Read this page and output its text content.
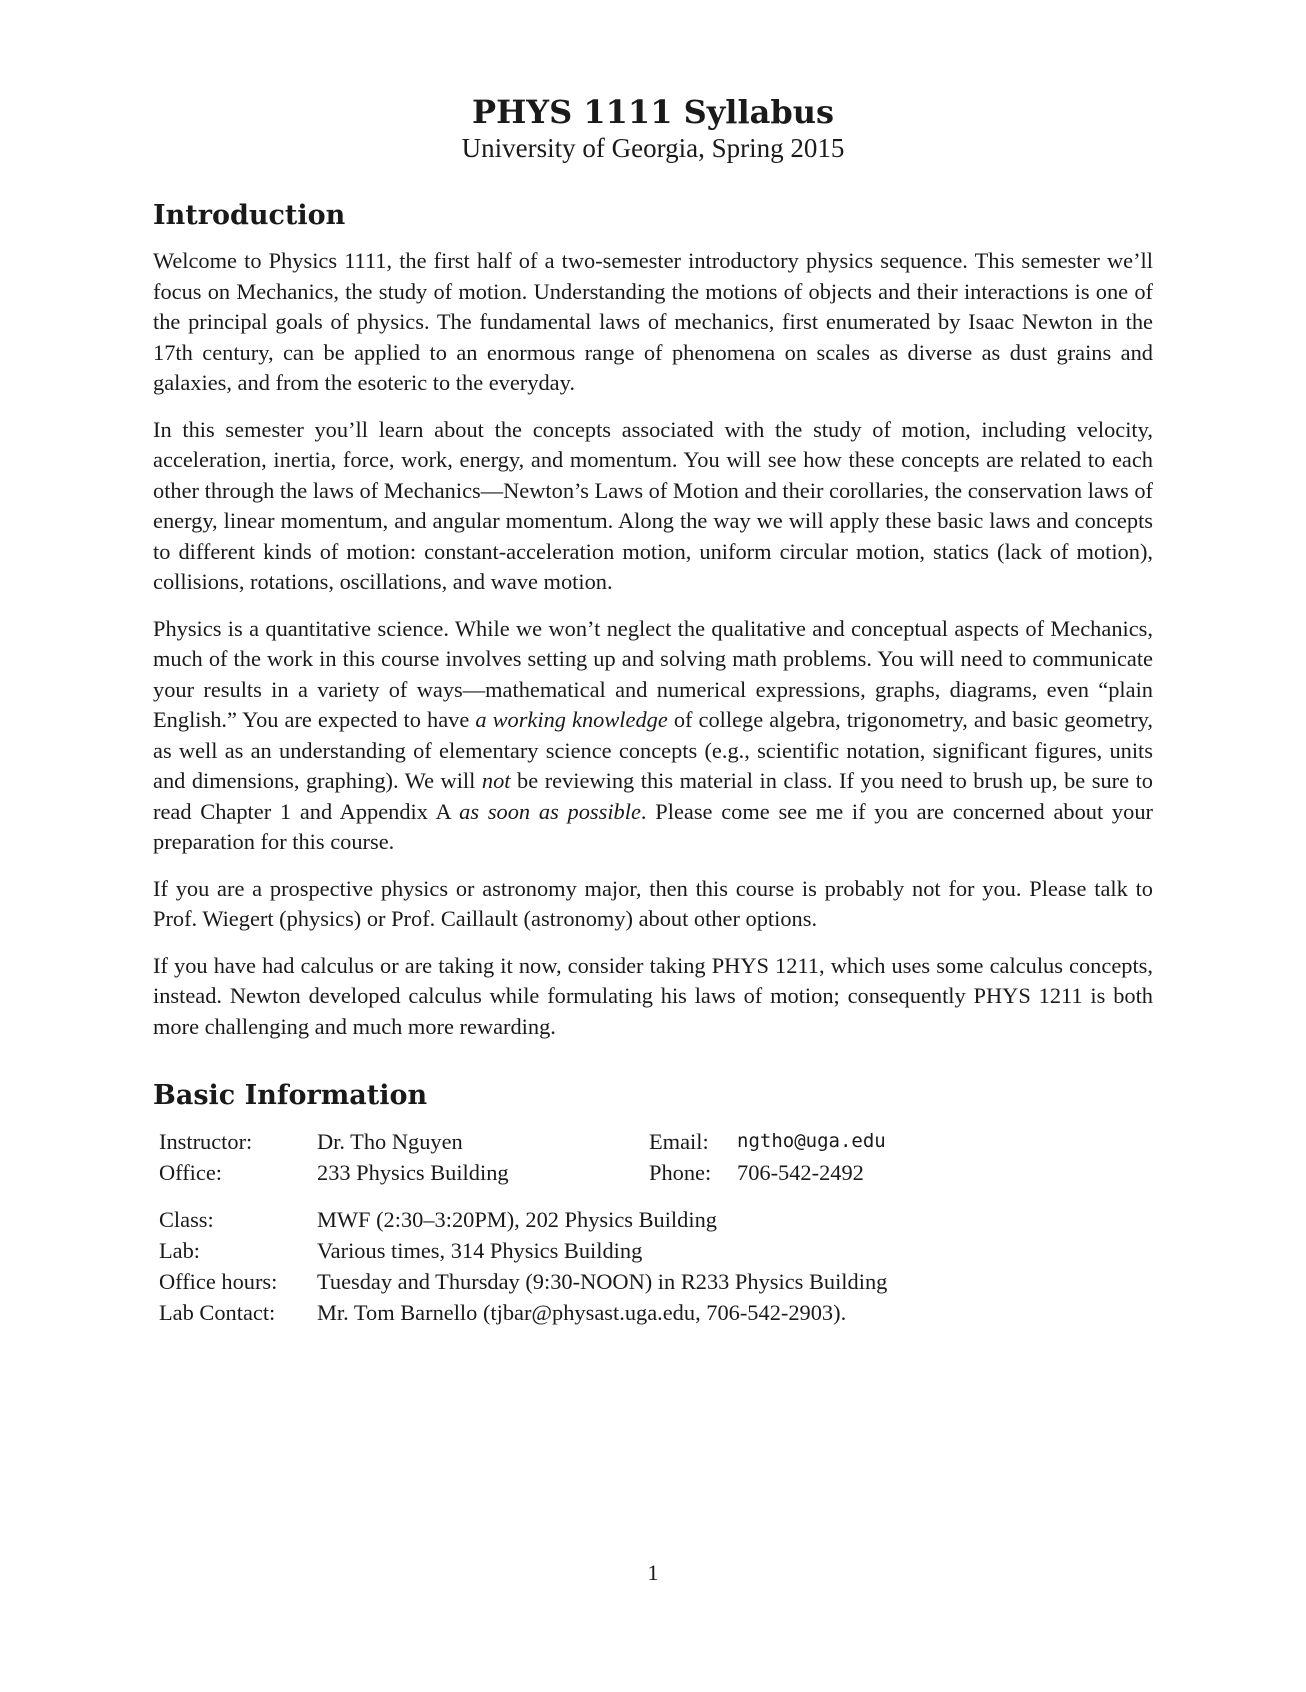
PHYS 1111 Syllabus
University of Georgia, Spring 2015
Introduction

Welcome to Physics 1111, the first half of a two-semester introductory physics sequence. This semester we’ll focus on Mechanics, the study of motion. Understanding the motions of objects and their interactions is one of the principal goals of physics. The fundamental laws of mechanics, first enumerated by Isaac Newton in the 17th century, can be applied to an enormous range of phenomena on scales as diverse as dust grains and galaxies, and from the esoteric to the everyday.

In this semester you’ll learn about the concepts associated with the study of motion, including velocity, acceleration, inertia, force, work, energy, and momentum. You will see how these concepts are related to each other through the laws of Mechanics—Newton’s Laws of Motion and their corollaries, the conservation laws of energy, linear momentum, and angular momentum. Along the way we will apply these basic laws and concepts to different kinds of motion: constant-acceleration motion, uniform circular motion, statics (lack of motion), collisions, rotations, oscillations, and wave motion.

Physics is a quantitative science. While we won’t neglect the qualitative and conceptual aspects of Mechanics, much of the work in this course involves setting up and solving math problems. You will need to communicate your results in a variety of ways—mathematical and numerical expressions, graphs, diagrams, even “plain English.” You are expected to have a working knowledge of college algebra, trigonometry, and basic geometry, as well as an understanding of elementary science concepts (e.g., scientific notation, significant figures, units and dimensions, graphing). We will not be reviewing this material in class. If you need to brush up, be sure to read Chapter 1 and Appendix A as soon as possible. Please come see me if you are concerned about your preparation for this course.

If you are a prospective physics or astronomy major, then this course is probably not for you. Please talk to Prof. Wiegert (physics) or Prof. Caillault (astronomy) about other options.

If you have had calculus or are taking it now, consider taking PHYS 1211, which uses some calculus concepts, instead. Newton developed calculus while formulating his laws of motion; consequently PHYS 1211 is both more challenging and much more rewarding.

Basic Information
Instructor:	Dr. Tho Nguyen	Email:	ngtho@uga.edu
Office:	233 Physics Building	Phone:	706-542-2492

Class:	MWF (2:30–3:20PM), 202 Physics Building		
Lab:	Various times, 314 Physics Building		
Office hours:	Tuesday and Thursday (9:30-NOON) in R233 Physics Building		
Lab Contact:	Mr. Tom Barnello (tjbar@physast.uga.edu, 706-542-2903).		
1
